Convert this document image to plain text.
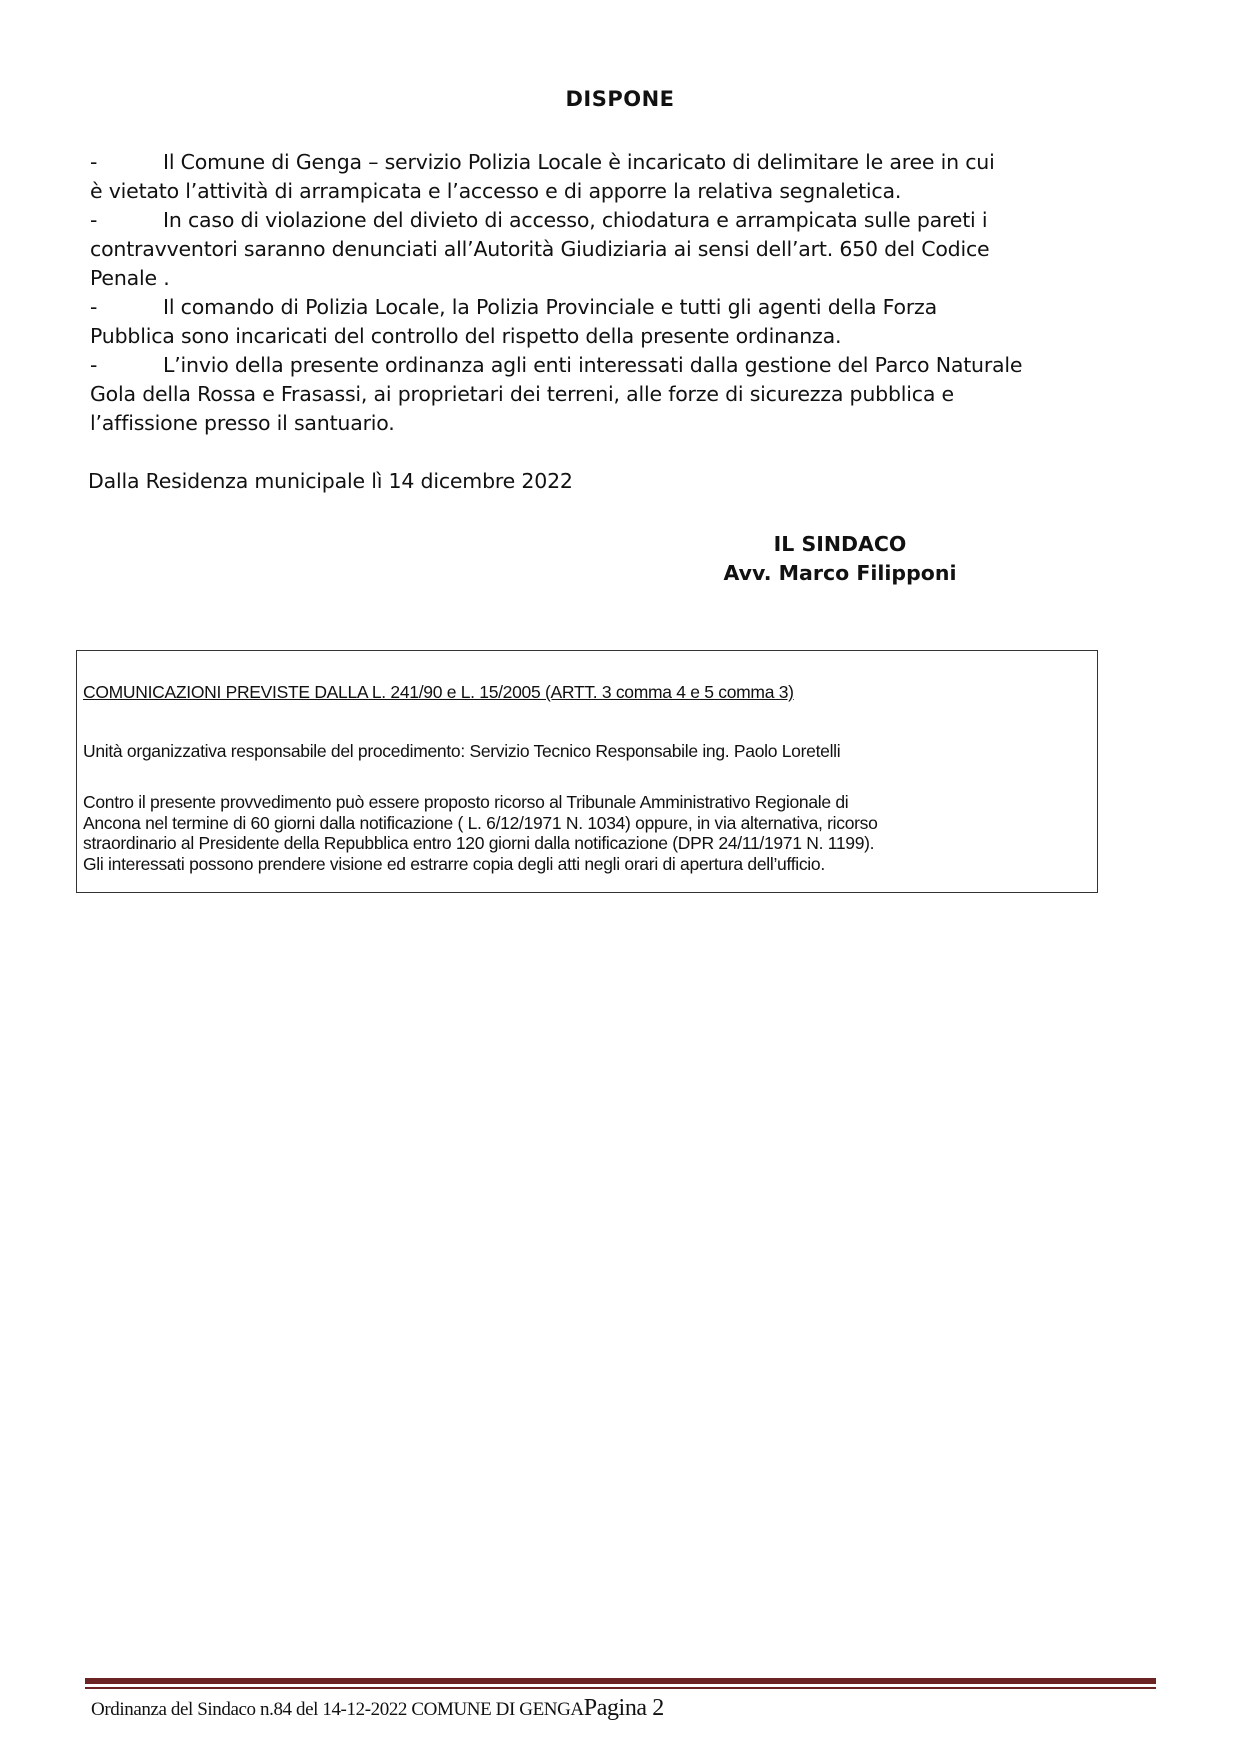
DISPONE

-	Il Comune di Genga – servizio Polizia Locale è incaricato di delimitare le aree in cui
è vietato l’attività di arrampicata e l’accesso e di apporre la relativa segnaletica.

-	In caso di violazione del divieto di accesso, chiodatura e arrampicata sulle pareti i
contravventori saranno denunciati all’Autorità Giudiziaria ai sensi dell’art. 650 del Codice
Penale .

-	Il comando di Polizia Locale, la Polizia Provinciale e tutti gli agenti della Forza
Pubblica sono incaricati del controllo del rispetto della presente ordinanza.

-	L’invio della presente ordinanza agli enti interessati dalla gestione del Parco Naturale
Gola della Rossa e Frasassi, ai proprietari dei terreni, alle forze di sicurezza pubblica e
l’affissione presso il santuario.

Dalla Residenza municipale lì 14 dicembre 2022
IL SINDACO
Avv. Marco Filipponi
COMUNICAZIONI PREVISTE DALLA L. 241/90 e L. 15/2005 (ARTT. 3 comma 4 e 5 comma 3)
Unità organizzativa responsabile del procedimento: Servizio Tecnico Responsabile ing. Paolo Loretelli
Contro il presente provvedimento può essere proposto ricorso al Tribunale Amministrativo Regionale di
Ancona nel termine di 60 giorni dalla notificazione ( L. 6/12/1971 N. 1034) oppure, in via alternativa, ricorso
straordinario al Presidente della Repubblica entro 120 giorni dalla notificazione (DPR 24/11/1971 N. 1199).
Gli interessati possono prendere visione ed estrarre copia degli atti negli orari di apertura dell’ufficio.
Ordinanza del Sindaco n.84 del 14-12-2022 COMUNE DI GENGAPagina 2
